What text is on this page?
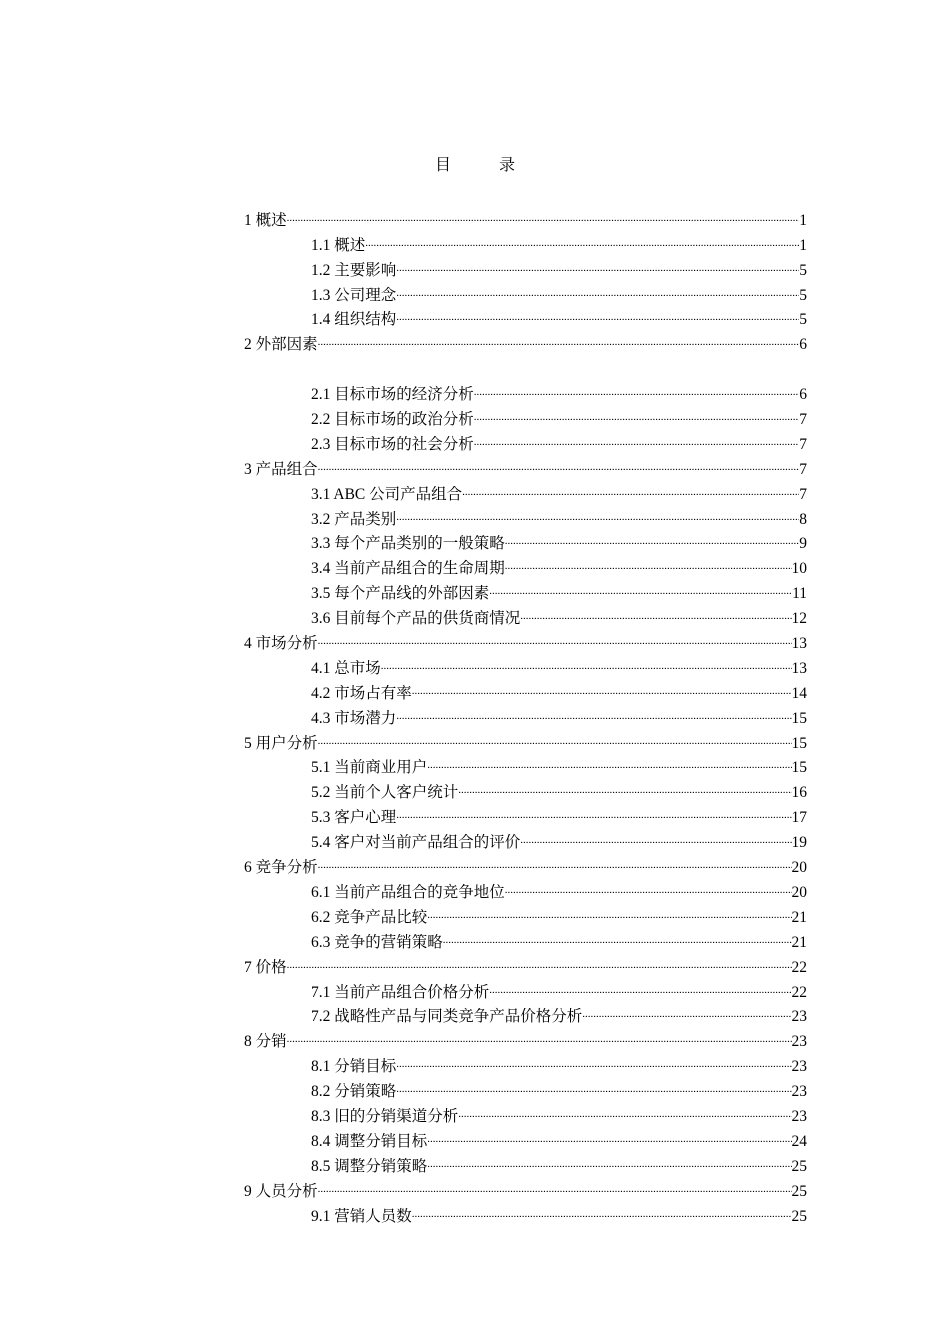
目	录
1 概述 .....	1
1.1 概述 .....	1
1.2 主要影响 .....	5
1.3 公司理念 .....	5
1.4 组织结构 .....	5
2 外部因素 .....	6
2.1 目标市场的经济分析 .....	6
2.2 目标市场的政治分析 .....	7
2.3 目标市场的社会分析 .....	7
3 产品组合 .....	7
3.1 ABC 公司产品组合 .....	7
3.2 产品类别 .....	8
3.3 每个产品类别的一般策略 .....	9
3.4 当前产品组合的生命周期 .....	10
3.5 每个产品线的外部因素 .....	11
3.6 目前每个产品的供货商情况 .....	12
4 市场分析 .....	13
4.1 总市场 .....	13
4.2 市场占有率 .....	14
4.3 市场潜力 .....	15
5 用户分析 .....	15
5.1 当前商业用户 .....	15
5.2 当前个人客户统计 .....	16
5.3 客户心理 .....	17
5.4 客户对当前产品组合的评价 .....	19
6 竞争分析 .....	20
6.1 当前产品组合的竞争地位 .....	20
6.2 竞争产品比较 .....	21
6.3 竞争的营销策略 .....	21
7 价格 .....	22
7.1 当前产品组合价格分析 .....	22
7.2 战略性产品与同类竞争产品价格分析 .....	23
8 分销 .....	23
8.1 分销目标 .....	23
8.2 分销策略 .....	23
8.3 旧的分销渠道分析 .....	23
8.4 调整分销目标 .....	24
8.5 调整分销策略 .....	25
9 人员分析 .....	25
9.1 营销人员数 .....	25
